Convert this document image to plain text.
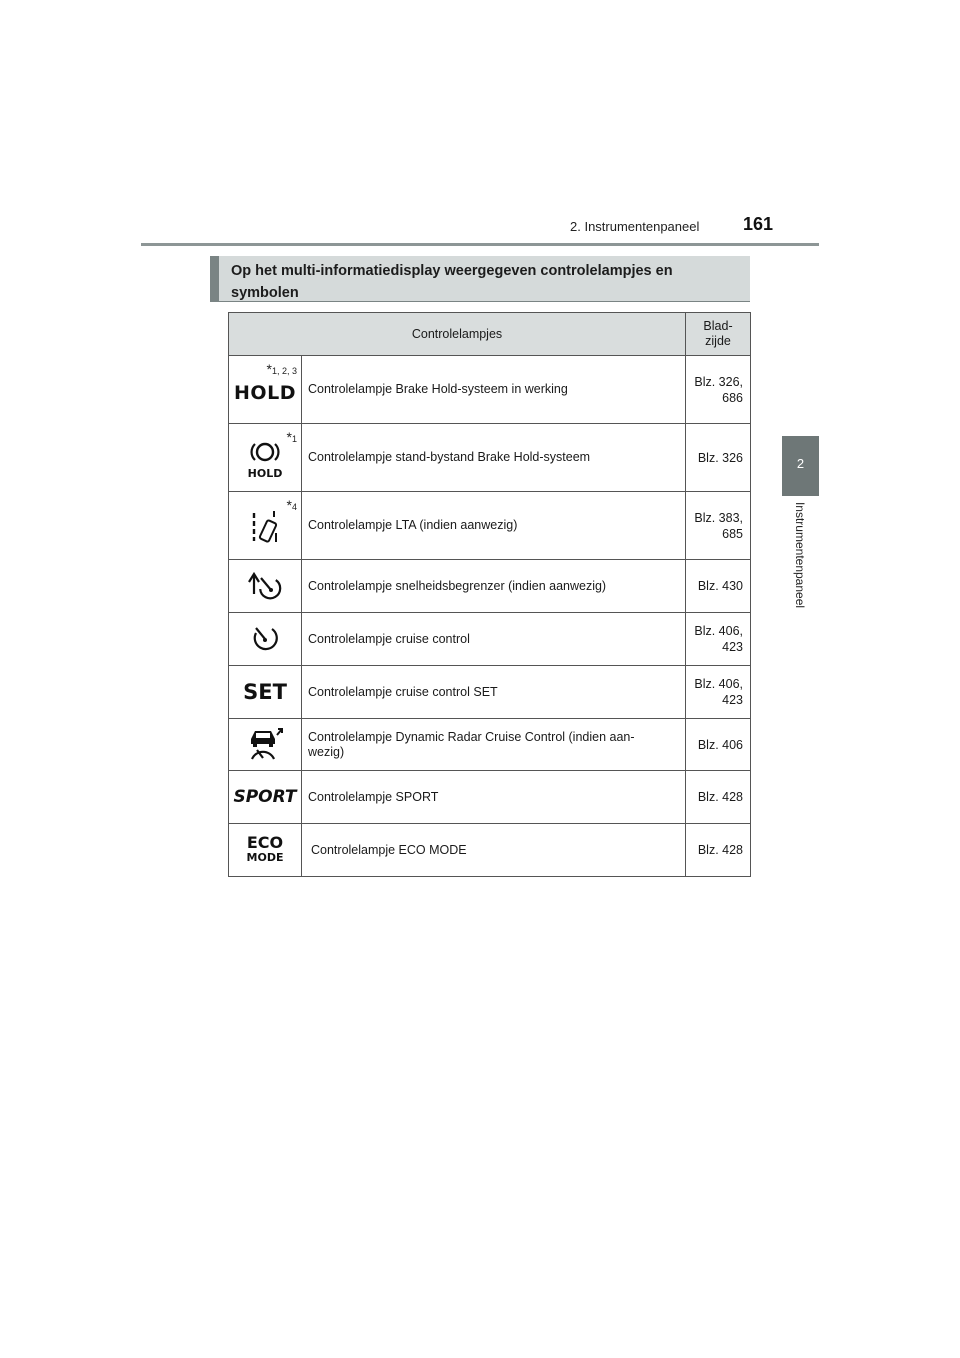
2. Instrumentenpaneel 161
2
Instrumentenpaneel
Op het multi-informatiedisplay weergegeven controlelampjes en symbolen
Controlelampjes		Blad-
zijde

*1, 2, 3
HOLD	Controlelampje Brake Hold-systeem in werking	Blz. 326,
686

*1

HOLD	Controlelampje stand-bystand Brake Hold-systeem	Blz. 326

*4	Controlelampje LTA (indien aanwezig)	Blz. 383,
685
	Controlelampje snelheidsbegrenzer (indien aanwezig)	Blz. 430
	Controlelampje cruise control	Blz. 406,
423
SET	Controlelampje cruise control SET	Blz. 406,
423
	Controlelampje Dynamic Radar Cruise Control (indien aan-
wezig)	Blz. 406
SPORT	Controlelampje SPORT	Blz. 428
ECO
MODE	Controlelampje ECO MODE	Blz. 428
